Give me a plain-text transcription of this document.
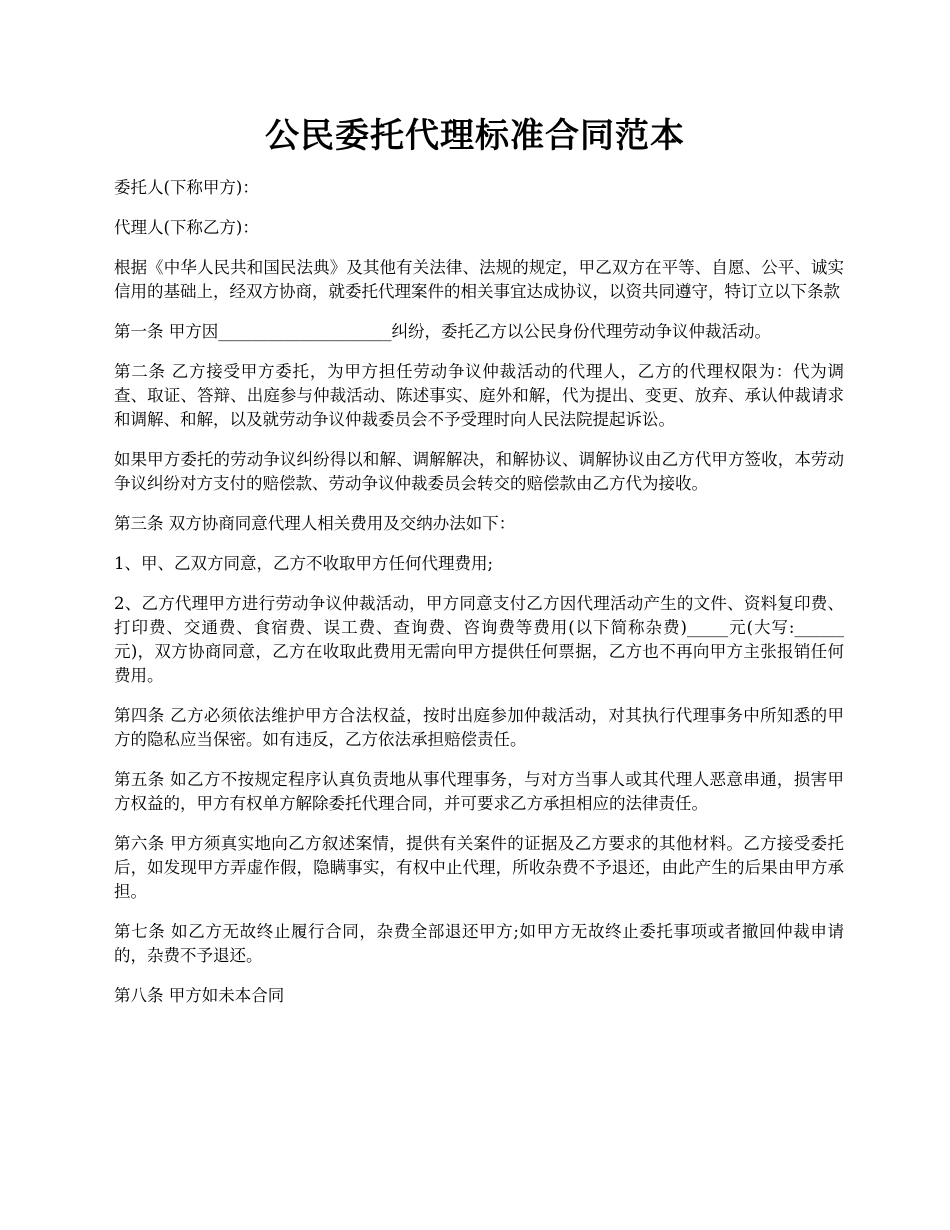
公民委托代理标准合同范本

委托人(下称甲方)：

代理人(下称乙方)：

根据《中华人民共和国民法典》及其他有关法律、法规的规定，甲乙双方在平等、自愿、公平、诚实信用的基础上，经双方协商，就委托代理案件的相关事宜达成协议，以资共同遵守，特订立以下条款

第一条 甲方因_____________________纠纷，委托乙方以公民身份代理劳动争议仲裁活动。

第二条 乙方接受甲方委托，为甲方担任劳动争议仲裁活动的代理人，乙方的代理权限为：代为调查、取证、答辩、出庭参与仲裁活动、陈述事实、庭外和解，代为提出、变更、放弃、承认仲裁请求和调解、和解，以及就劳动争议仲裁委员会不予受理时向人民法院提起诉讼。

如果甲方委托的劳动争议纠纷得以和解、调解解决，和解协议、调解协议由乙方代甲方签收，本劳动争议纠纷对方支付的赔偿款、劳动争议仲裁委员会转交的赔偿款由乙方代为接收。

第三条 双方协商同意代理人相关费用及交纳办法如下：

1、甲、乙双方同意，乙方不收取甲方任何代理费用;

2、乙方代理甲方进行劳动争议仲裁活动，甲方同意支付乙方因代理活动产生的文件、资料复印费、打印费、交通费、食宿费、误工费、查询费、咨询费等费用(以下简称杂费)_____元(大写:______元)，双方协商同意，乙方在收取此费用无需向甲方提供任何票据，乙方也不再向甲方主张报销任何费用。

第四条 乙方必须依法维护甲方合法权益，按时出庭参加仲裁活动，对其执行代理事务中所知悉的甲方的隐私应当保密。如有违反，乙方依法承担赔偿责任。

第五条 如乙方不按规定程序认真负责地从事代理事务，与对方当事人或其代理人恶意串通，损害甲方权益的，甲方有权单方解除委托代理合同，并可要求乙方承担相应的法律责任。

第六条 甲方须真实地向乙方叙述案情，提供有关案件的证据及乙方要求的其他材料。乙方接受委托后，如发现甲方弄虚作假，隐瞒事实，有权中止代理，所收杂费不予退还，由此产生的后果由甲方承担。

第七条 如乙方无故终止履行合同，杂费全部退还甲方;如甲方无故终止委托事项或者撤回仲裁申请的，杂费不予退还。

第八条 甲方如未本合同
